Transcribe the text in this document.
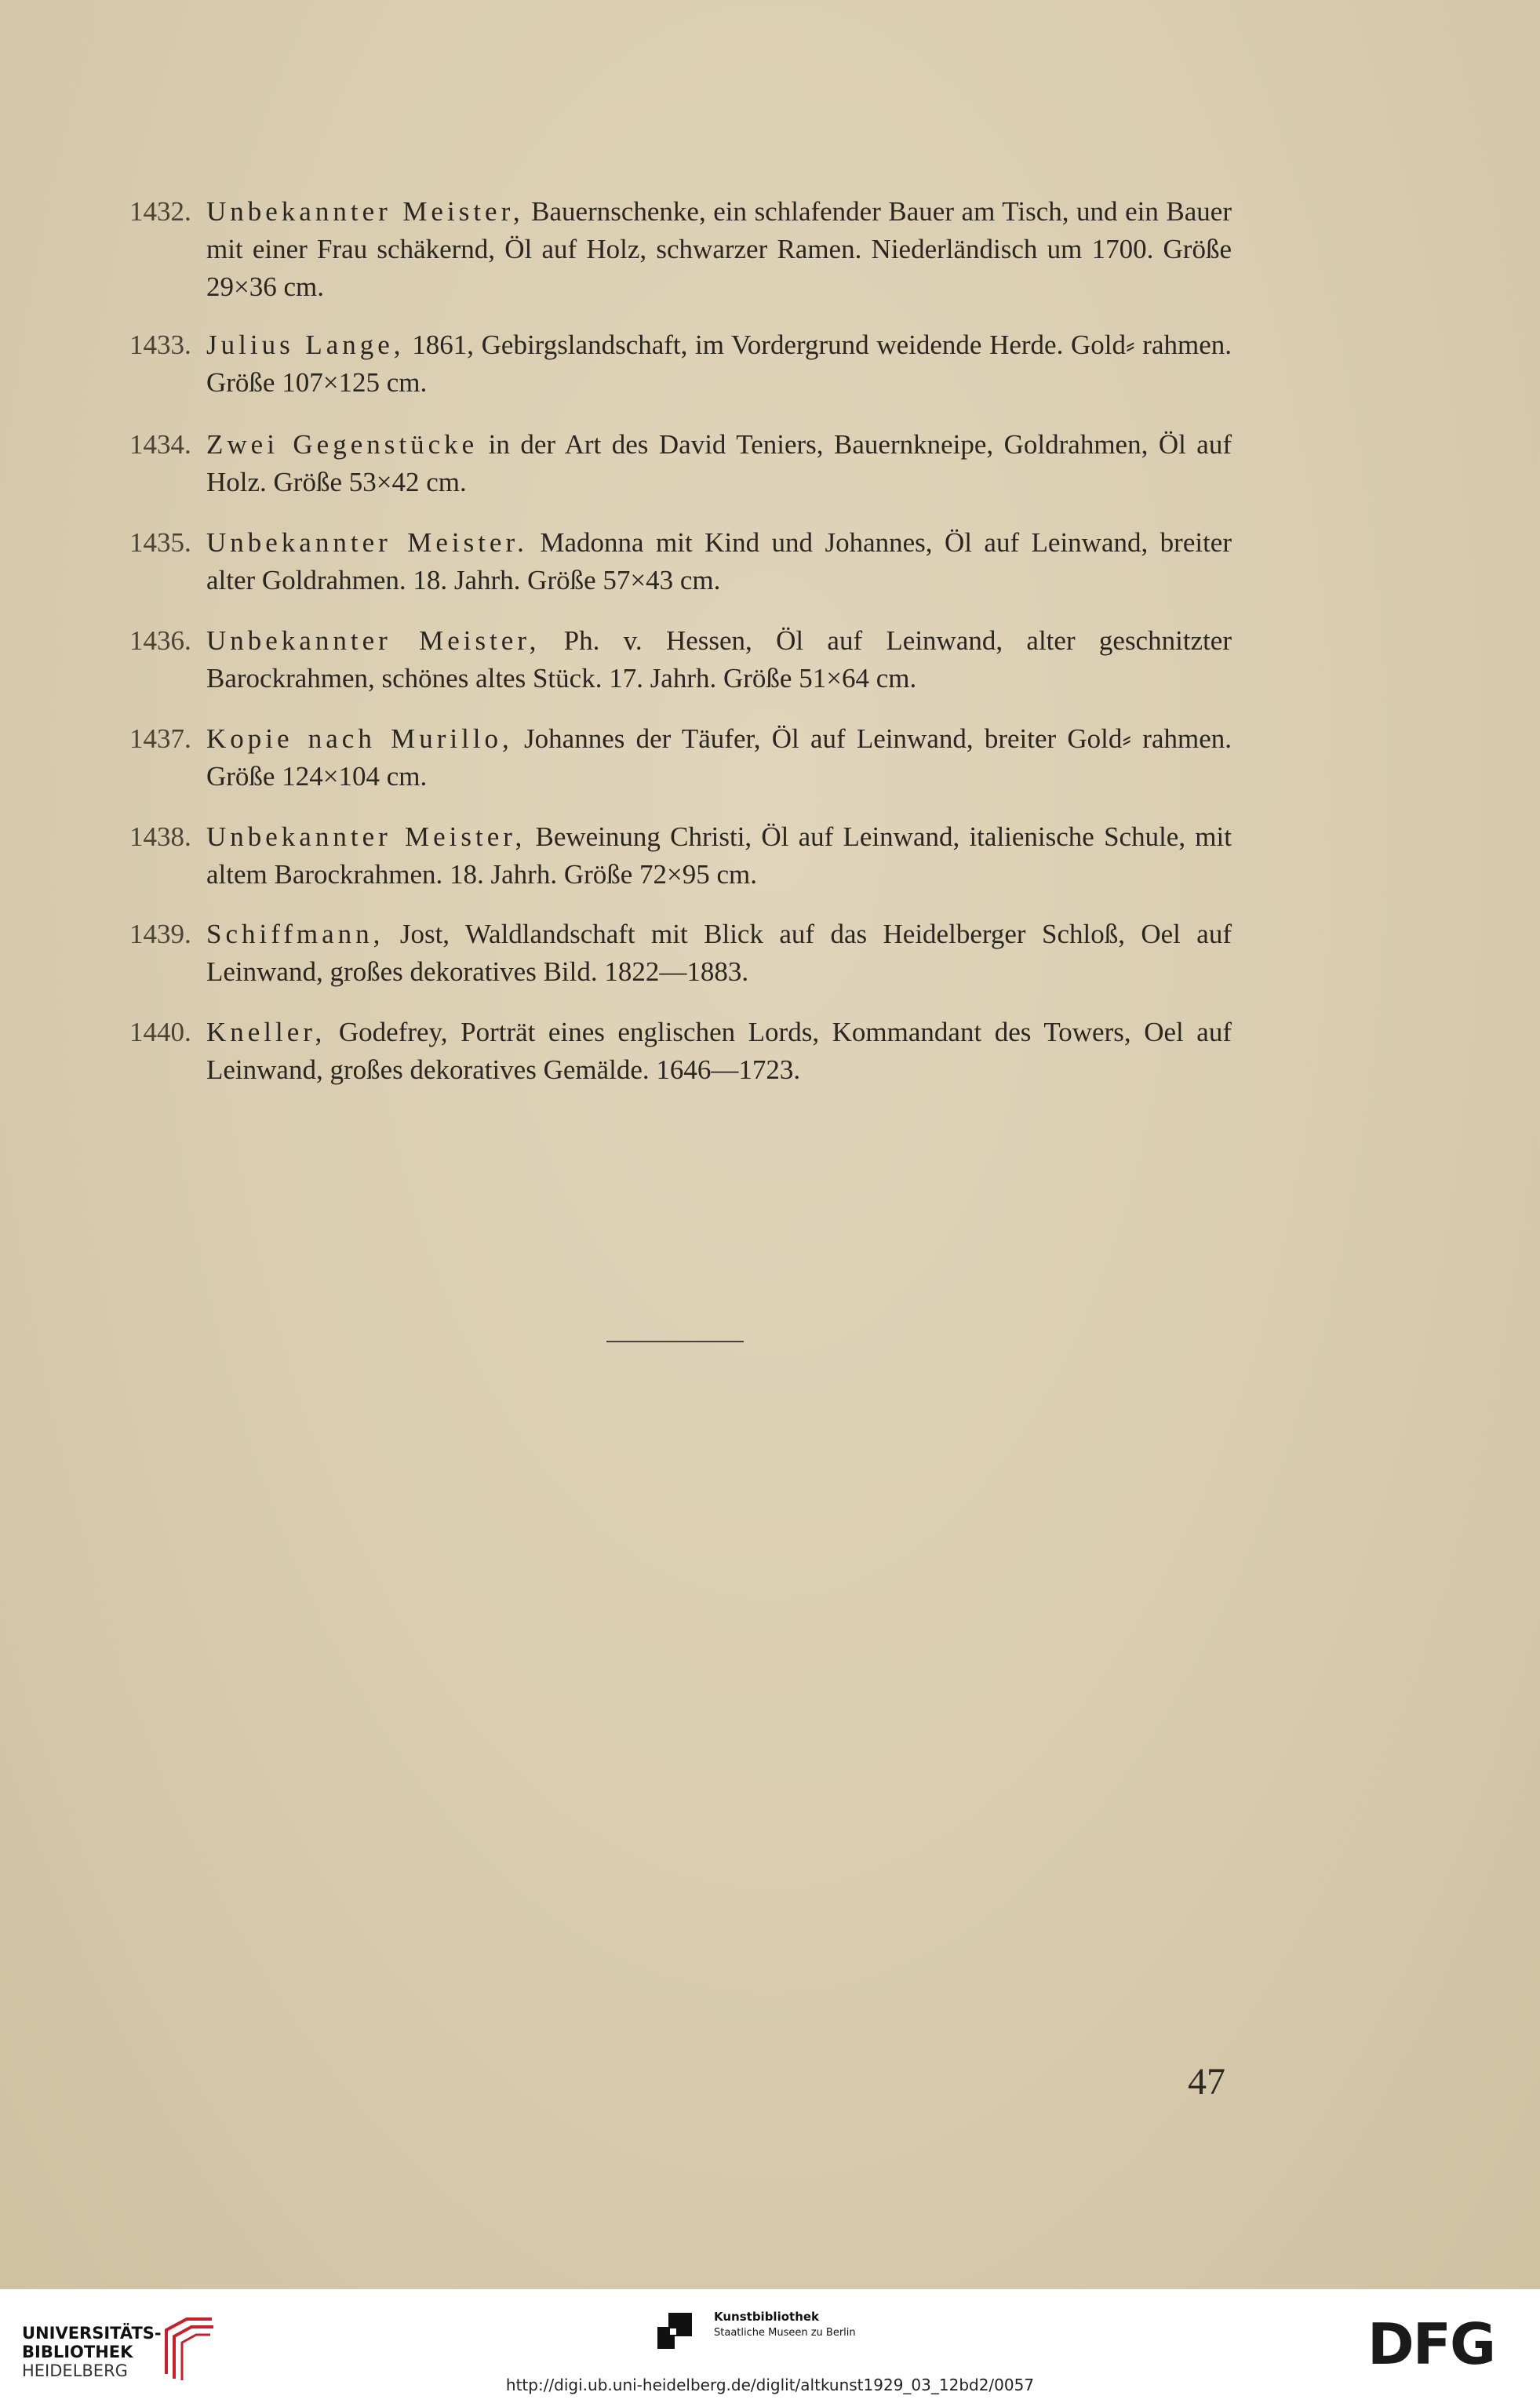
1432. Unbekannter Meister, Bauernschenke, ein schlafender Bauer am Tisch, und ein Bauer mit einer Frau schäkernd, Öl auf Holz, schwarzer Ramen. Niederländisch um 1700. Größe 29×36 cm.
1433. Julius Lange, 1861, Gebirgslandschaft, im Vordergrund weidende Herde. Gold⸗ rahmen. Größe 107×125 cm.
1434. Zwei Gegenstücke in der Art des David Teniers, Bauernkneipe, Goldrahmen, Öl auf Holz. Größe 53×42 cm.
1435. Unbekannter Meister. Madonna mit Kind und Johannes, Öl auf Leinwand, breiter alter Goldrahmen. 18. Jahrh. Größe 57×43 cm.
1436. Unbekannter Meister, Ph. v. Hessen, Öl auf Leinwand, alter geschnitzter Barockrahmen, schönes altes Stück. 17. Jahrh. Größe 51×64 cm.
1437. Kopie nach Murillo, Johannes der Täufer, Öl auf Leinwand, breiter Gold⸗ rahmen. Größe 124×104 cm.
1438. Unbekannter Meister, Beweinung Christi, Öl auf Leinwand, italienische Schule, mit altem Barockrahmen. 18. Jahrh. Größe 72×95 cm.
1439. Schiffmann, Jost, Waldlandschaft mit Blick auf das Heidelberger Schloß, Oel auf Leinwand, großes dekoratives Bild. 1822—1883.
1440. Kneller, Godefrey, Porträt eines englischen Lords, Kommandant des Towers, Oel auf Leinwand, großes dekoratives Gemälde. 1646—1723.
47
UNIVERSITÄTS-
BIBLIOTHEK
HEIDELBERG
Kunstbibliothek
Staatliche Museen zu Berlin	DFG
http://digi.ub.uni-heidelberg.de/diglit/altkunst1929_03_12bd2/0057
